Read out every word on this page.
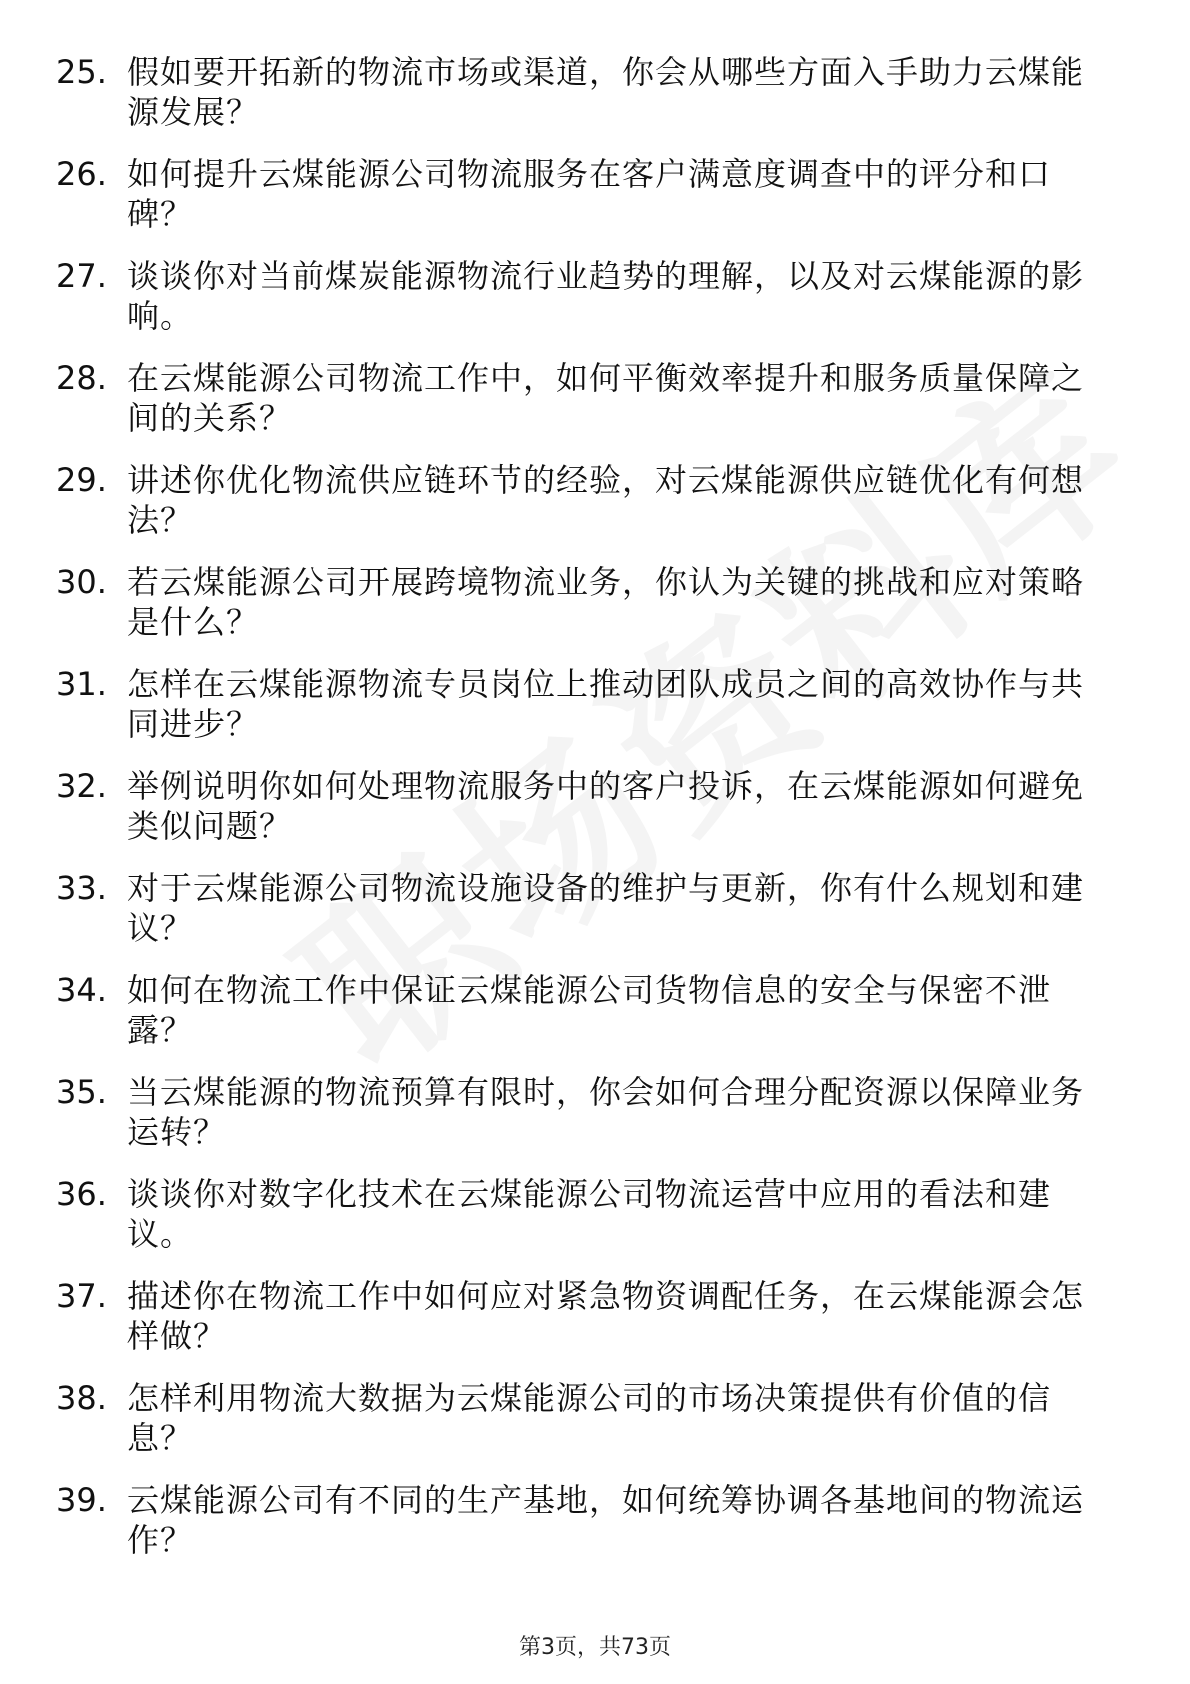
25. 假如要开拓新的物流市场或渠道，你会从哪些方面入手助力云煤能源发展？
26. 如何提升云煤能源公司物流服务在客户满意度调查中的评分和口碑？
27. 谈谈你对当前煤炭能源物流行业趋势的理解，以及对云煤能源的影响。
28. 在云煤能源公司物流工作中，如何平衡效率提升和服务质量保障之间的关系？
29. 讲述你优化物流供应链环节的经验，对云煤能源供应链优化有何想法？
30. 若云煤能源公司开展跨境物流业务，你认为关键的挑战和应对策略是什么？
31. 怎样在云煤能源物流专员岗位上推动团队成员之间的高效协作与共同进步？
32. 举例说明你如何处理物流服务中的客户投诉，在云煤能源如何避免类似问题？
33. 对于云煤能源公司物流设施设备的维护与更新，你有什么规划和建议？
34. 如何在物流工作中保证云煤能源公司货物信息的安全与保密不泄露？
35. 当云煤能源的物流预算有限时，你会如何合理分配资源以保障业务运转？
36. 谈谈你对数字化技术在云煤能源公司物流运营中应用的看法和建议。
37. 描述你在物流工作中如何应对紧急物资调配任务，在云煤能源会怎样做？
38. 怎样利用物流大数据为云煤能源公司的市场决策提供有价值的信息？
39. 云煤能源公司有不同的生产基地，如何统筹协调各基地间的物流运作？
第3页，共73页
